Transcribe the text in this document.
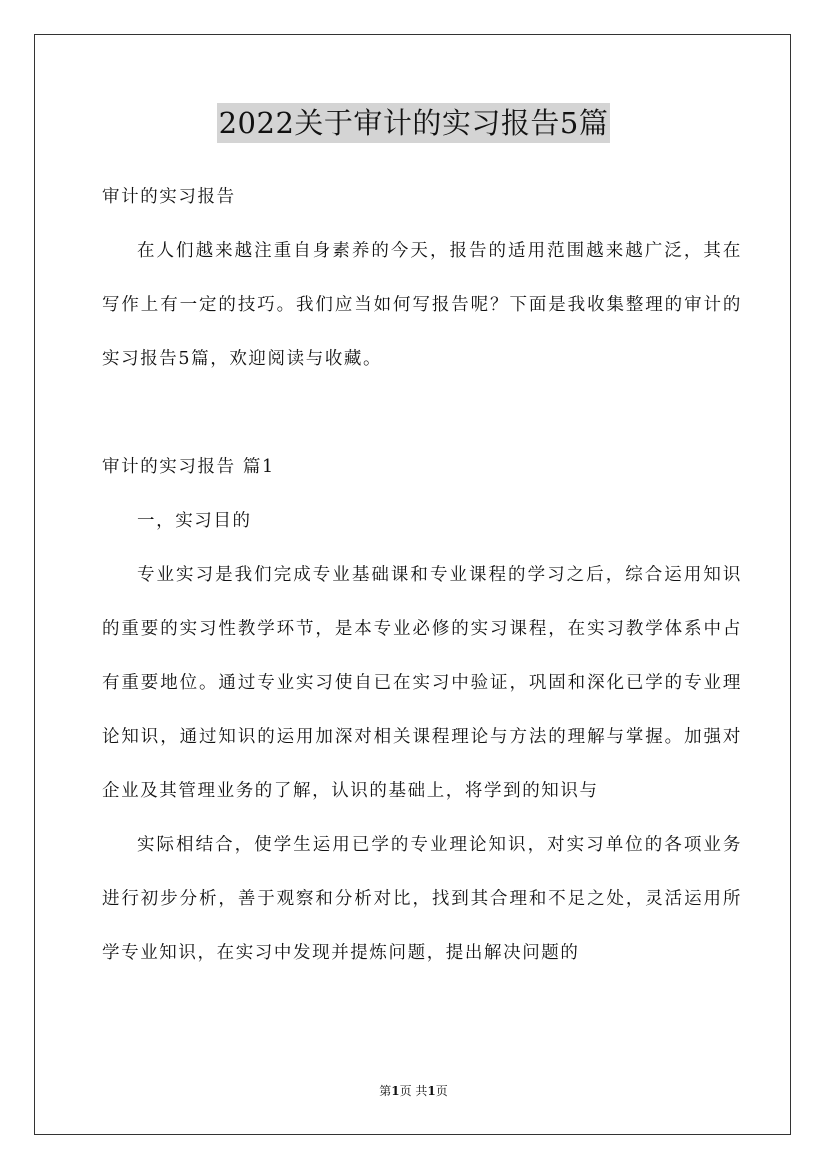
2022关于审计的实习报告5篇

审计的实习报告

在人们越来越注重自身素养的今天，报告的适用范围越来越广泛，其在写作上有一定的技巧。我们应当如何写报告呢？下面是我收集整理的审计的实习报告5篇，欢迎阅读与收藏。

审计的实习报告 篇1

一，实习目的

专业实习是我们完成专业基础课和专业课程的学习之后，综合运用知识的重要的实习性教学环节，是本专业必修的实习课程，在实习教学体系中占有重要地位。通过专业实习使自已在实习中验证，巩固和深化已学的专业理论知识，通过知识的运用加深对相关课程理论与方法的理解与掌握。加强对企业及其管理业务的了解，认识的基础上，将学到的知识与

实际相结合，使学生运用已学的专业理论知识，对实习单位的各项业务进行初步分析，善于观察和分析对比，找到其合理和不足之处，灵活运用所学专业知识，在实习中发现并提炼问题，提出解决问题的

第1页 共1页
